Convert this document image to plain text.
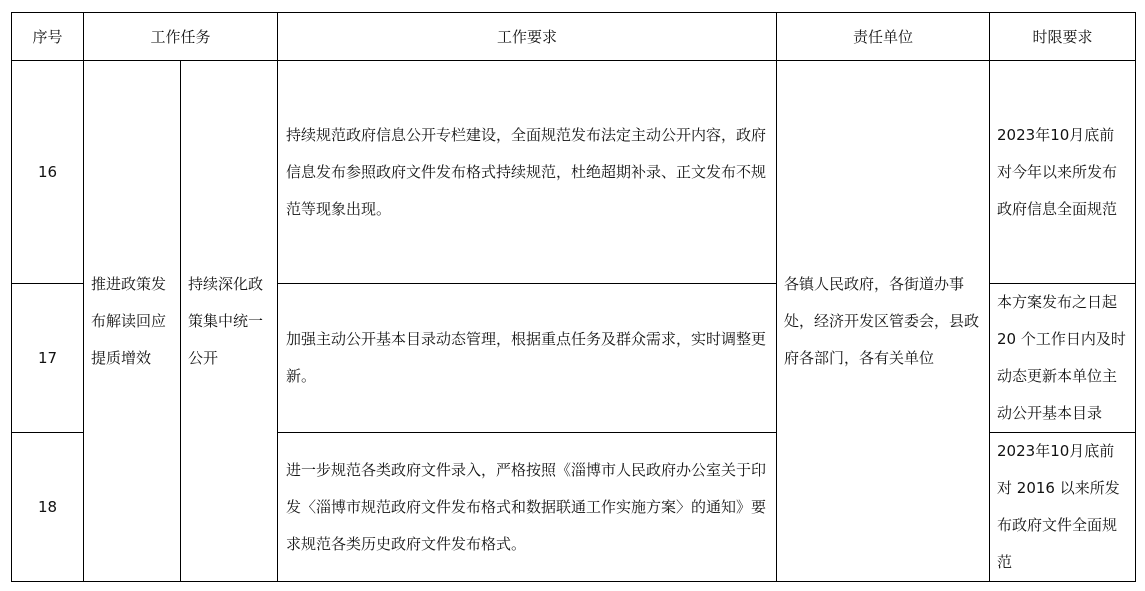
序号	工作任务		工作要求	责任单位	时限要求
16	推进政策发布解读回应提质增效	持续深化政策集中统一公开	持续规范政府信息公开专栏建设，全面规范发布法定主动公开内容，政府信息发布参照政府文件发布格式持续规范，杜绝超期补录、正文发布不规范等现象出现。	各镇人民政府，各街道办事处，经济开发区管委会，县政府各部门，各有关单位	2023年10月底前对今年以来所发布政府信息全面规范
17			加强主动公开基本目录动态管理，根据重点任务及群众需求，实时调整更新。		本方案发布之日起20 个工作日内及时动态更新本单位主动公开基本目录
18			进一步规范各类政府文件录入，严格按照《淄博市人民政府办公室关于印发〈淄博市规范政府文件发布格式和数据联通工作实施方案〉的通知》要求规范各类历史政府文件发布格式。		2023年10月底前对 2016 以来所发布政府文件全面规范
